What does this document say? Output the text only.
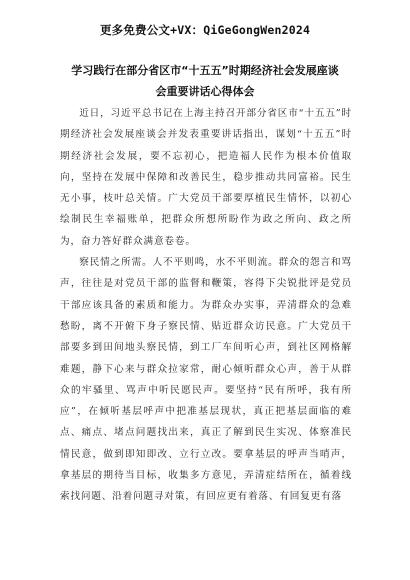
更多免费公文+VX：QiGeGongWen2024
学习践行在部分省区市“十五五”时期经济社会发展座谈
会重要讲话心得体会

近日，习近平总书记在上海主持召开部分省区市“十五五”时期经济社会发展座谈会并发表重要讲话指出，谋划“十五五”时期经济社会发展，要不忘初心，把造福人民作为根本价值取向，坚持在发展中保障和改善民生，稳步推动共同富裕。民生无小事，枝叶总关情。广大党员干部要厚植民生情怀，以初心绘制民生幸福账单，把群众所想所盼作为政之所向、政之所为，奋力答好群众满意卷卷。

察民情之所需。人不平则鸣，水不平则流。群众的怨言和骂声，往往是对党员干部的监督和鞭策，容得下尖锐批评是党员干部应该具备的素质和能力。为群众办实事，弄清群众的急难愁盼，离不开俯下身子察民情、贴近群众访民意。广大党员干部要多到田间地头察民情，到工厂车间听心声，到社区网格解难题，静下心来与群众拉家常，耐心倾听群众心声，善于从群众的牢骚里、骂声中听民愿民声。要坚持“民有所呼，我有所应”，在倾听基层呼声中把准基层现状，真正把基层面临的难点、痛点、堵点问题找出来，真正了解到民生实况、体察准民情民意，做到即知即改、立行立改。要拿基层的呼声当哨声，拿基层的期待当目标，收集多方意见，弄清症结所在，循着线索找问题、沿着问题寻对策，有回应更有着落、有回复更有落
